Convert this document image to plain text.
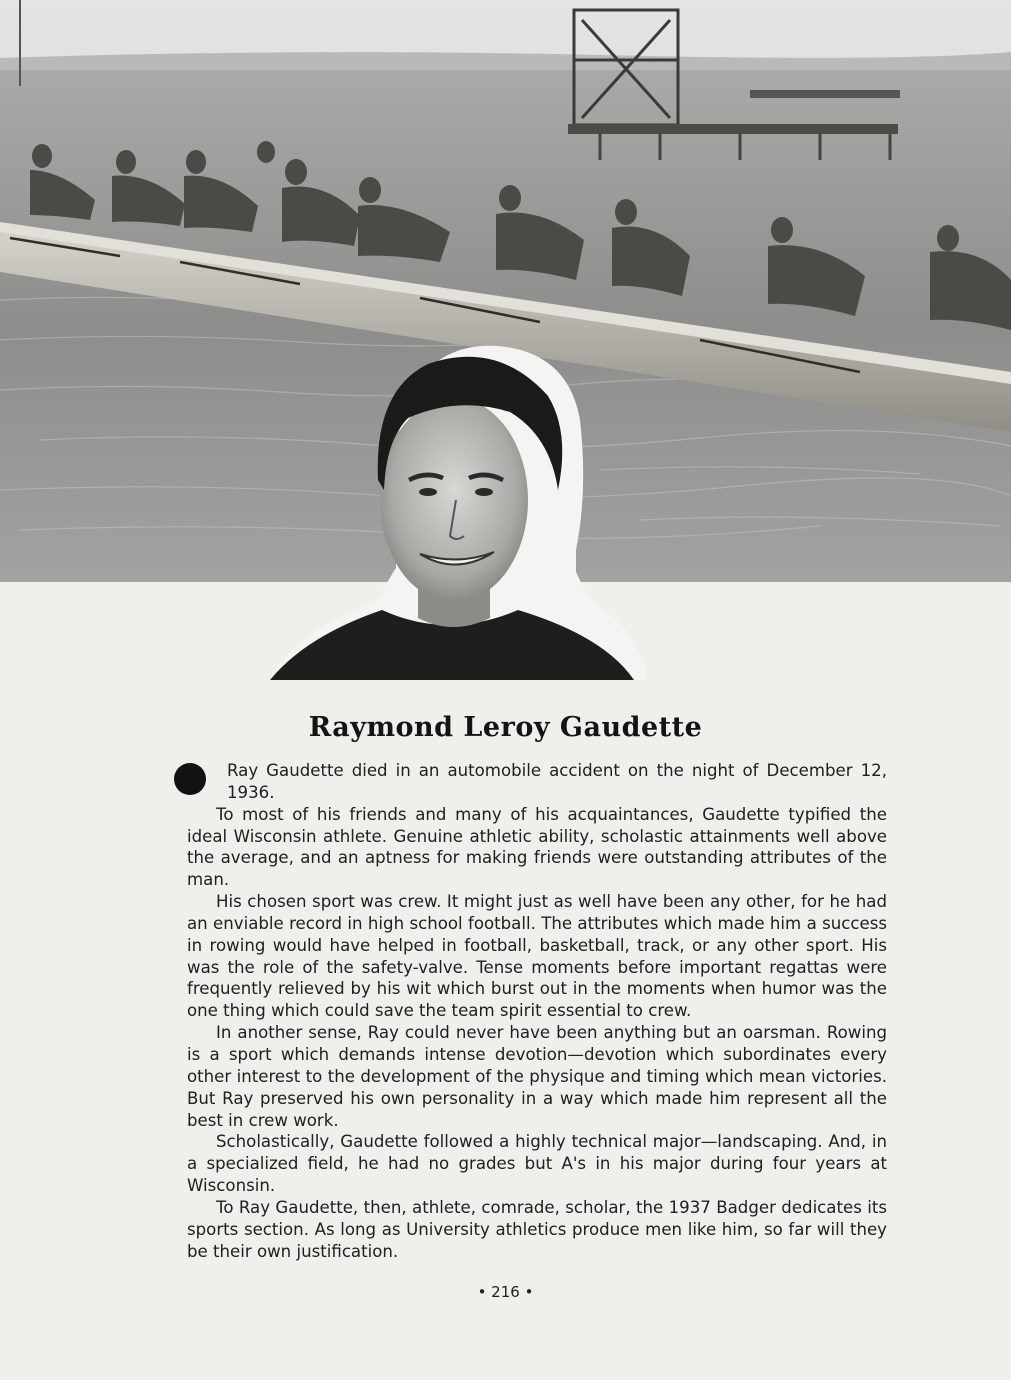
Raymond Leroy Gaudette

Ray Gaudette died in an automobile accident on the night of December 12, 1936.

To most of his friends and many of his acquaintances, Gaudette typified the ideal Wisconsin athlete. Genuine athletic ability, scholastic attainments well above the average, and an aptness for making friends were outstanding attributes of the man.

His chosen sport was crew. It might just as well have been any other, for he had an enviable record in high school football. The attributes which made him a success in rowing would have helped in football, basketball, track, or any other sport. His was the role of the safety-valve. Tense moments before important regattas were frequently relieved by his wit which burst out in the moments when humor was the one thing which could save the team spirit essential to crew.

In another sense, Ray could never have been anything but an oarsman. Rowing is a sport which demands intense devotion—devotion which subordinates every other interest to the development of the physique and timing which mean victories. But Ray preserved his own personality in a way which made him represent all the best in crew work.

Scholastically, Gaudette followed a highly technical major—landscaping. And, in a specialized field, he had no grades but A's in his major during four years at Wisconsin.

To Ray Gaudette, then, athlete, comrade, scholar, the 1937 Badger dedicates its sports section. As long as University athletics produce men like him, so far will they be their own justification.

• 216 •
